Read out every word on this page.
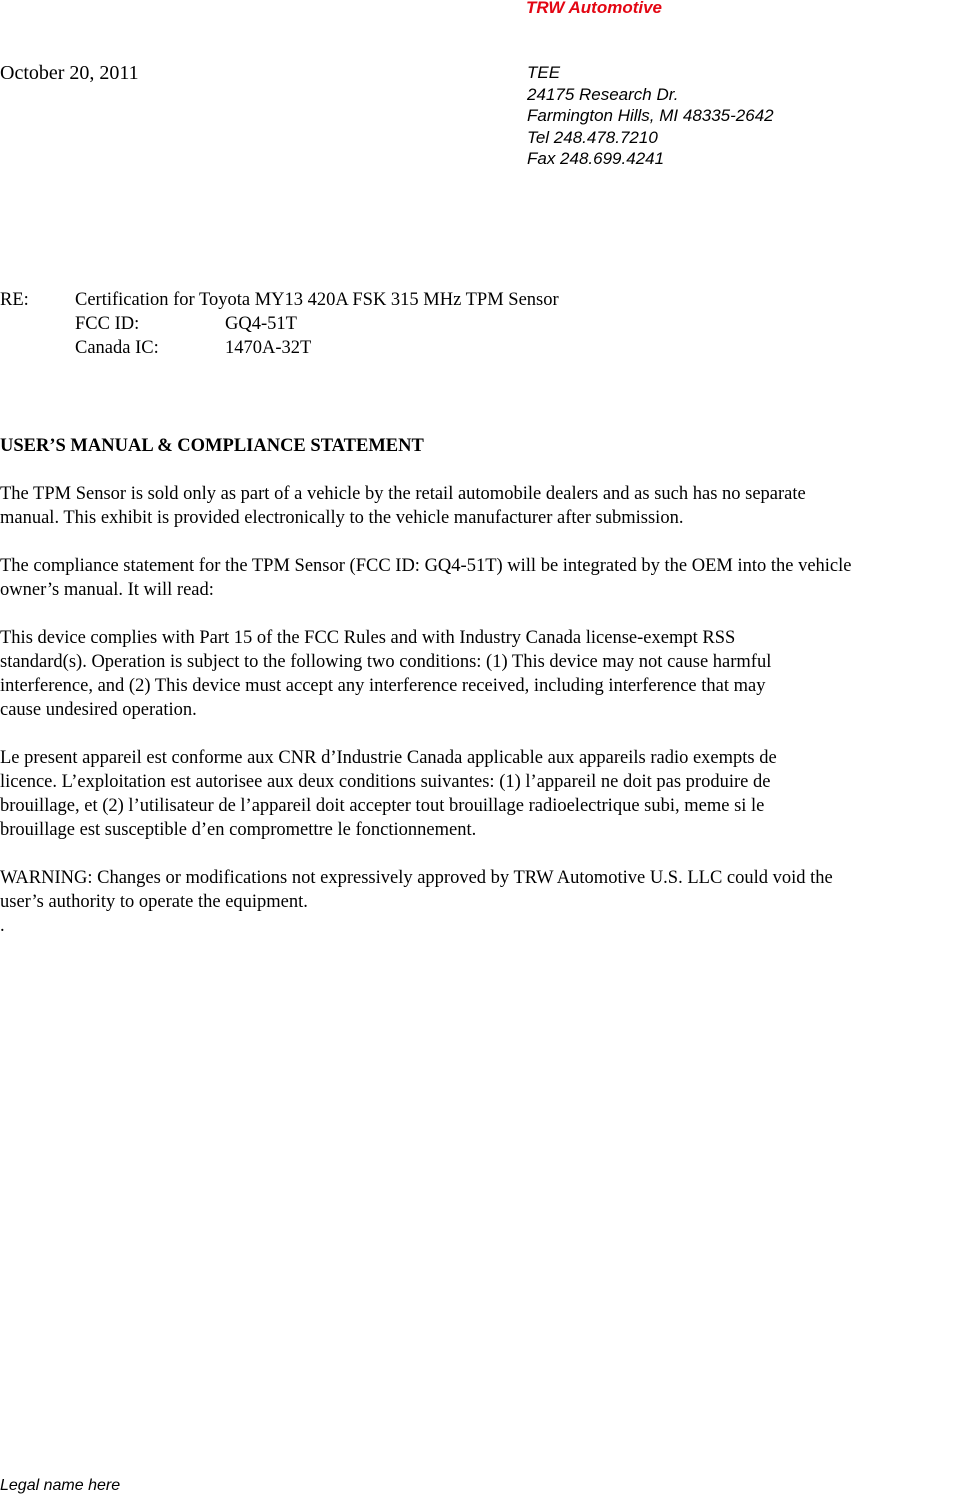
TRW Automotive
October 20, 2011	TEE
24175 Research Dr.
Farmington Hills, MI 48335-2642
Tel 248.478.7210
Fax 248.699.4241
RE: Certification for Toyota MY13 420A FSK 315 MHz TPM Sensor
FCC ID:	GQ4-51T
Canada IC:	1470A-32T
USER’S MANUAL & COMPLIANCE STATEMENT
The TPM Sensor is sold only as part of a vehicle by the retail automobile dealers and as such has no separate
manual. This exhibit is provided electronically to the vehicle manufacturer after submission.
The compliance statement for the TPM Sensor (FCC ID: GQ4-51T) will be integrated by the OEM into the vehicle
owner’s manual. It will read:
This device complies with Part 15 of the FCC Rules and with Industry Canada license-exempt RSS
standard(s). Operation is subject to the following two conditions: (1) This device may not cause harmful
interference, and (2) This device must accept any interference received, including interference that may
cause undesired operation.
Le present appareil est conforme aux CNR d’Industrie Canada applicable aux appareils radio exempts de
licence. L’exploitation est autorisee aux deux conditions suivantes: (1) l’appareil ne doit pas produire de
brouillage, et (2) l’utilisateur de l’appareil doit accepter tout brouillage radioelectrique subi, meme si le
brouillage est susceptible d’en compromettre le fonctionnement.
WARNING: Changes or modifications not expressively approved by TRW Automotive U.S. LLC could void the
user’s authority to operate the equipment.
.
Legal name here
